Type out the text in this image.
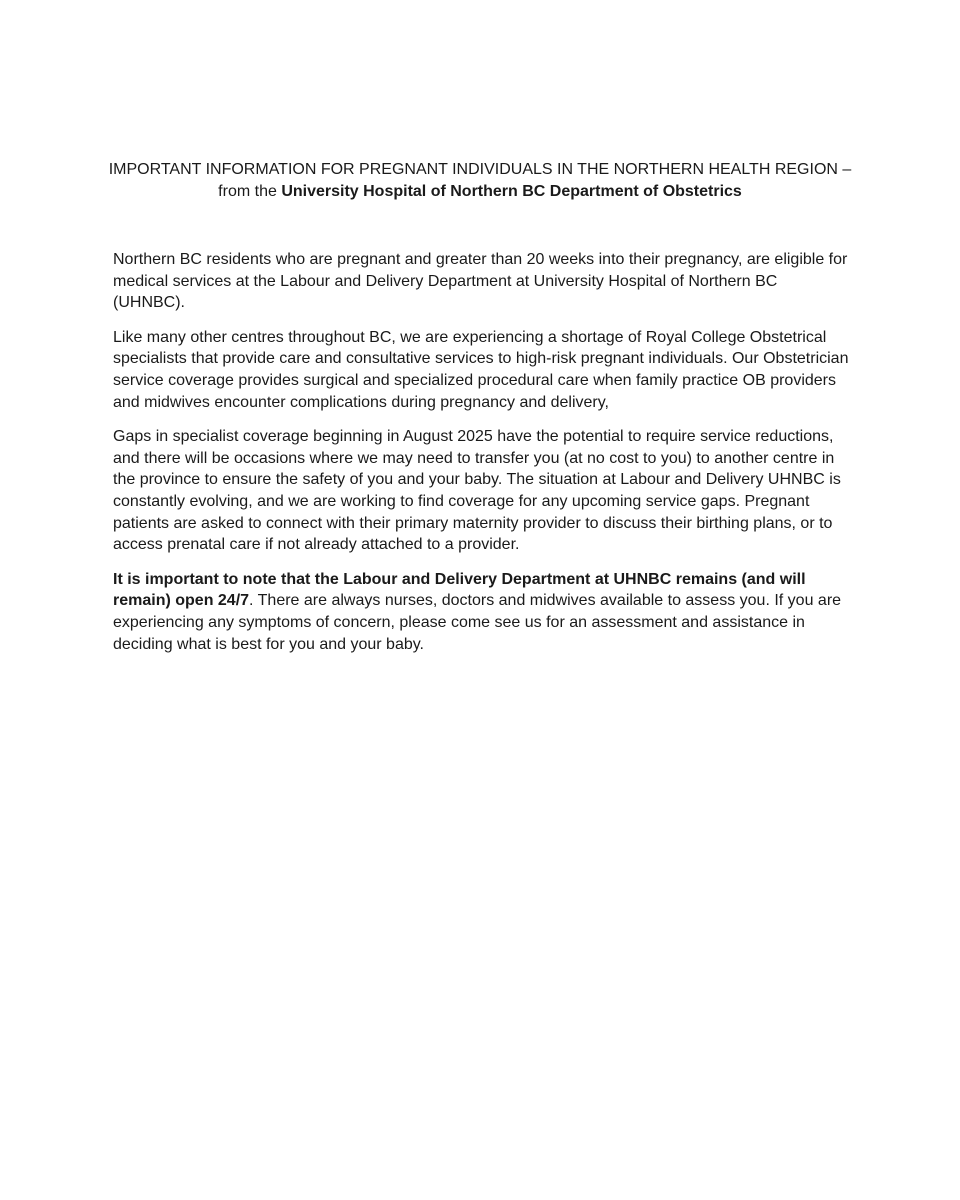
IMPORTANT INFORMATION FOR PREGNANT INDIVIDUALS IN THE NORTHERN HEALTH REGION – from the University Hospital of Northern BC Department of Obstetrics

Northern BC residents who are pregnant and greater than 20 weeks into their pregnancy, are eligible for medical services at the Labour and Delivery Department at University Hospital of Northern BC (UHNBC).

Like many other centres throughout BC, we are experiencing a shortage of Royal College Obstetrical specialists that provide care and consultative services to high-risk pregnant individuals. Our Obstetrician service coverage provides surgical and specialized procedural care when family practice OB providers and midwives encounter complications during pregnancy and delivery,

Gaps in specialist coverage beginning in August 2025 have the potential to require service reductions, and there will be occasions where we may need to transfer you (at no cost to you) to another centre in the province to ensure the safety of you and your baby. The situation at Labour and Delivery UHNBC is constantly evolving, and we are working to find coverage for any upcoming service gaps. Pregnant patients are asked to connect with their primary maternity provider to discuss their birthing plans, or to access prenatal care if not already attached to a provider.

It is important to note that the Labour and Delivery Department at UHNBC remains (and will remain) open 24/7. There are always nurses, doctors and midwives available to assess you. If you are experiencing any symptoms of concern, please come see us for an assessment and assistance in deciding what is best for you and your baby.
